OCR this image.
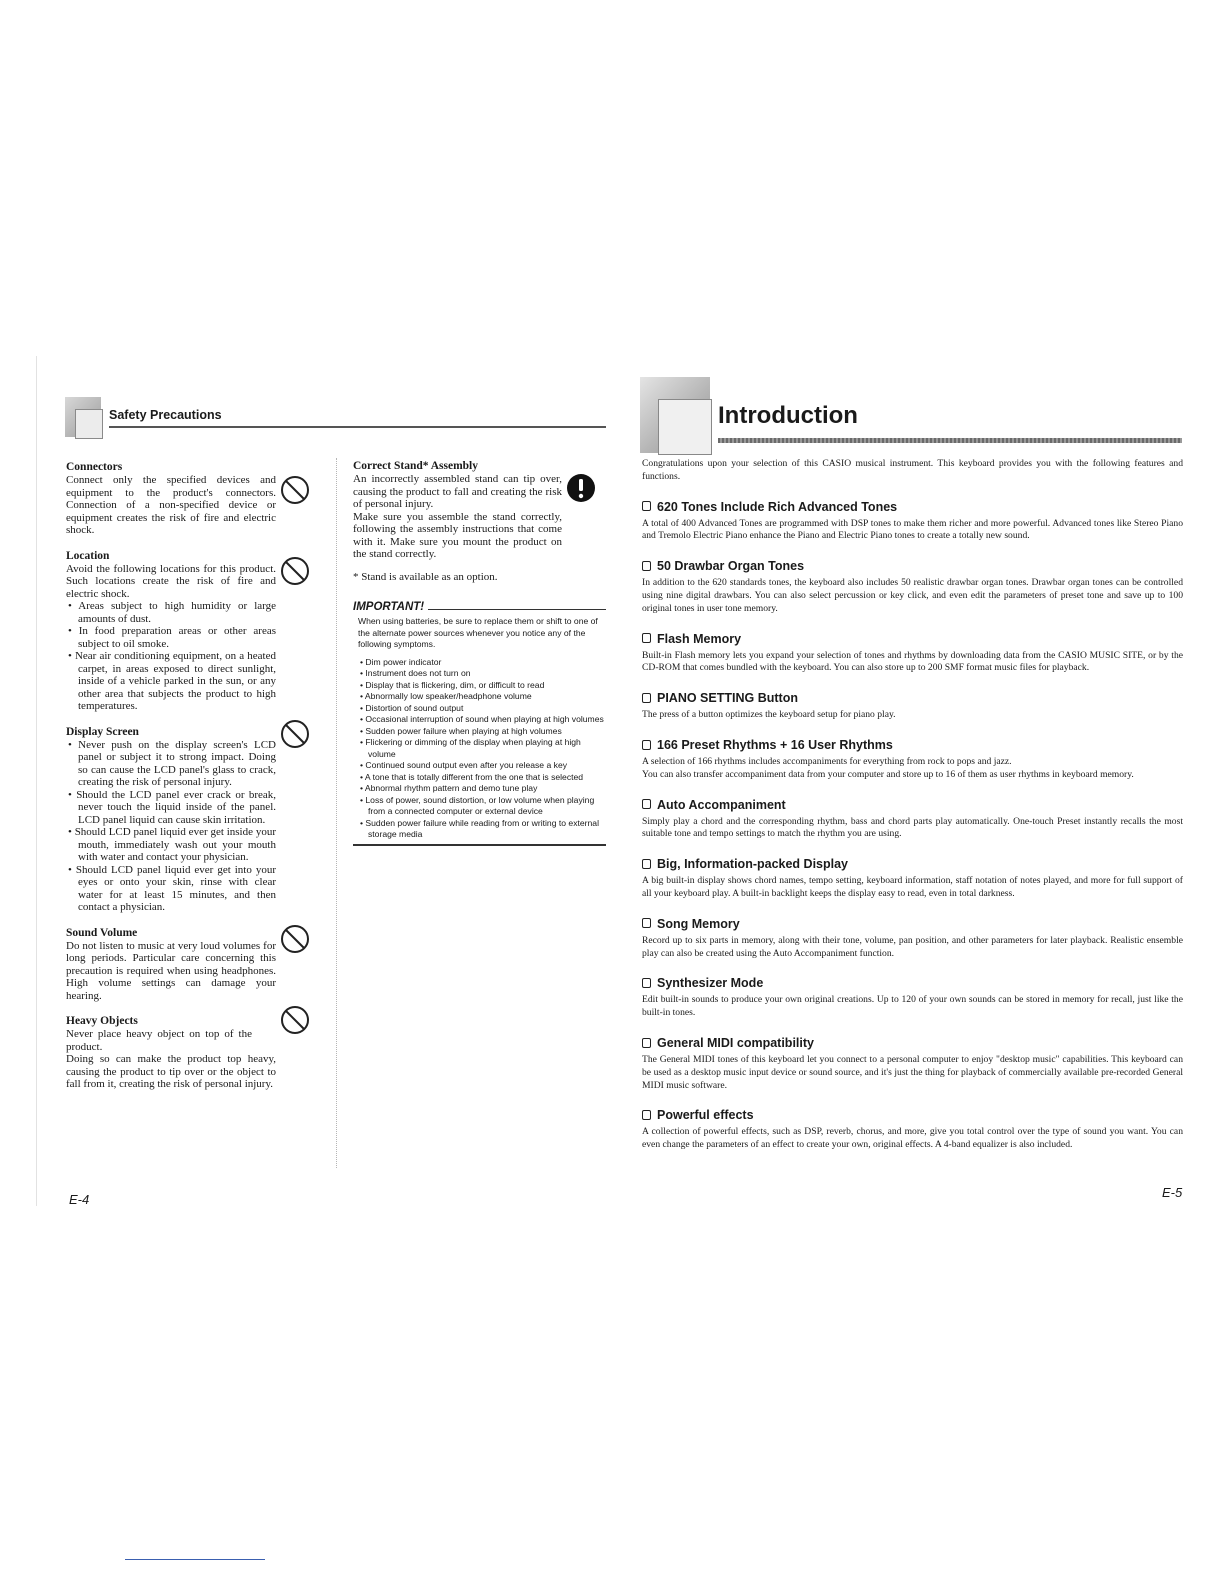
Safety Precautions
Connectors

Connect only the specified devices and equipment to the product's connectors. Connection of a non-specified device or equipment creates the risk of fire and electric shock.

Location

Avoid the following locations for this product. Such locations create the risk of fire and electric shock.

• Areas subject to high humidity or large amounts of dust.

• In food preparation areas or other areas subject to oil smoke.

• Near air conditioning equipment, on a heated carpet, in areas exposed to direct sunlight, inside of a vehicle parked in the sun, or any other area that subjects the product to high temperatures.

Display Screen

• Never push on the display screen's LCD panel or subject it to strong impact. Doing so can cause the LCD panel's glass to crack, creating the risk of personal injury.

• Should the LCD panel ever crack or break, never touch the liquid inside of the panel. LCD panel liquid can cause skin irritation.

• Should LCD panel liquid ever get inside your mouth, immediately wash out your mouth with water and contact your physician.

• Should LCD panel liquid ever get into your eyes or onto your skin, rinse with clear water for at least 15 minutes, and then contact a physician.

Sound Volume

Do not listen to music at very loud volumes for long periods. Particular care concerning this precaution is required when using headphones. High volume settings can damage your hearing.

Heavy Objects

Never place heavy object on top of the product.

Doing so can make the product top heavy, causing the product to tip over or the object to fall from it, creating the risk of personal injury.

Correct Stand* Assembly

An incorrectly assembled stand can tip over, causing the product to fall and creating the risk of personal injury.

Make sure you assemble the stand correctly, following the assembly instructions that come with it. Make sure you mount the product on the stand correctly.

* Stand is available as an option.

IMPORTANT!

When using batteries, be sure to replace them or shift to one of the alternate power sources whenever you notice any of the following symptoms.

• Dim power indicator
• Instrument does not turn on
• Display that is flickering, dim, or difficult to read
• Abnormally low speaker/headphone volume
• Distortion of sound output
• Occasional interruption of sound when playing at high volumes
• Sudden power failure when playing at high volumes
• Flickering or dimming of the display when playing at high volume
• Continued sound output even after you release a key
• A tone that is totally different from the one that is selected
• Abnormal rhythm pattern and demo tune play
• Loss of power, sound distortion, or low volume when playing from a connected computer or external device
• Sudden power failure while reading from or writing to external storage media
E-4
Introduction

Congratulations upon your selection of this CASIO musical instrument. This keyboard provides you with the following features and functions.

620 Tones Include Rich Advanced Tones

A total of 400 Advanced Tones are programmed with DSP tones to make them richer and more powerful. Advanced tones like Stereo Piano and Tremolo Electric Piano enhance the Piano and Electric Piano tones to create a totally new sound.

50 Drawbar Organ Tones

In addition to the 620 standards tones, the keyboard also includes 50 realistic drawbar organ tones. Drawbar organ tones can be controlled using nine digital drawbars. You can also select percussion or key click, and even edit the parameters of preset tone and save up to 100 original tones in user tone memory.

Flash Memory

Built-in Flash memory lets you expand your selection of tones and rhythms by downloading data from the CASIO MUSIC SITE, or by the CD-ROM that comes bundled with the keyboard. You can also store up to 200 SMF format music files for playback.

PIANO SETTING Button

The press of a button optimizes the keyboard setup for piano play.

166 Preset Rhythms + 16 User Rhythms

A selection of 166 rhythms includes accompaniments for everything from rock to pops and jazz.

You can also transfer accompaniment data from your computer and store up to 16 of them as user rhythms in keyboard memory.

Auto Accompaniment

Simply play a chord and the corresponding rhythm, bass and chord parts play automatically. One-touch Preset instantly recalls the most suitable tone and tempo settings to match the rhythm you are using.

Big, Information-packed Display

A big built-in display shows chord names, tempo setting, keyboard information, staff notation of notes played, and more for full support of all your keyboard play. A built-in backlight keeps the display easy to read, even in total darkness.

Song Memory

Record up to six parts in memory, along with their tone, volume, pan position, and other parameters for later playback. Realistic ensemble play can also be created using the Auto Accompaniment function.

Synthesizer Mode

Edit built-in sounds to produce your own original creations. Up to 120 of your own sounds can be stored in memory for recall, just like the built-in tones.

General MIDI compatibility

The General MIDI tones of this keyboard let you connect to a personal computer to enjoy "desktop music" capabilities. This keyboard can be used as a desktop music input device or sound source, and it's just the thing for playback of commercially available pre-recorded General MIDI music software.

Powerful effects

A collection of powerful effects, such as DSP, reverb, chorus, and more, give you total control over the type of sound you want. You can even change the parameters of an effect to create your own, original effects. A 4-band equalizer is also included.

E-5
